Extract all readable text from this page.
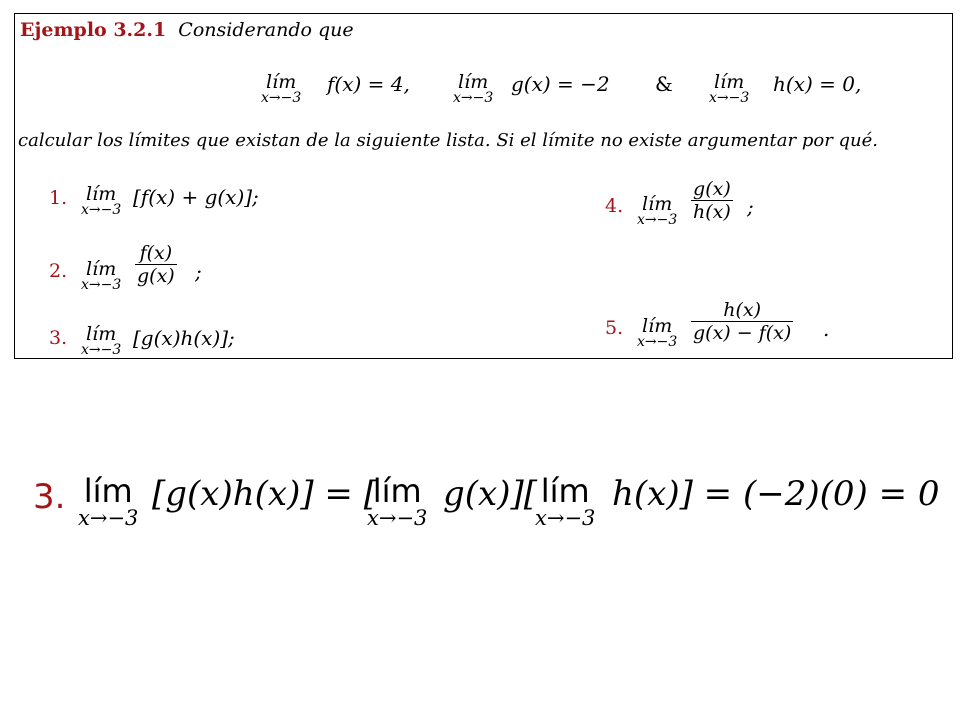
Ejemplo 3.2.1 Considerando que
lím
x→−3
f(x) = 4,	lím
x→−3
g(x) = −2 & lím
x→−3
h(x) = 0,
calcular los límites que existan de la siguiente lista. Si el límite no existe argumentar por qué.
1. lím
x→−3
[f(x) + g(x)];
2. lím
$x\to-3 \frac{f(x)}{g(x)}$ ;
3. lím
x→−3 [g(x)h(x)];
4. lím
$x\to-3 \frac{g(x)}{h(x)}$ ;
5. lím
$x\to-3 \frac{h(x)}{g(x) - f(x)}$ .
3. lím
x→−3
[g(x)h(x)] = [
lím
x→−3
g(x)][ lím
x→−3
h(x)] = (−2)(0) = 0
